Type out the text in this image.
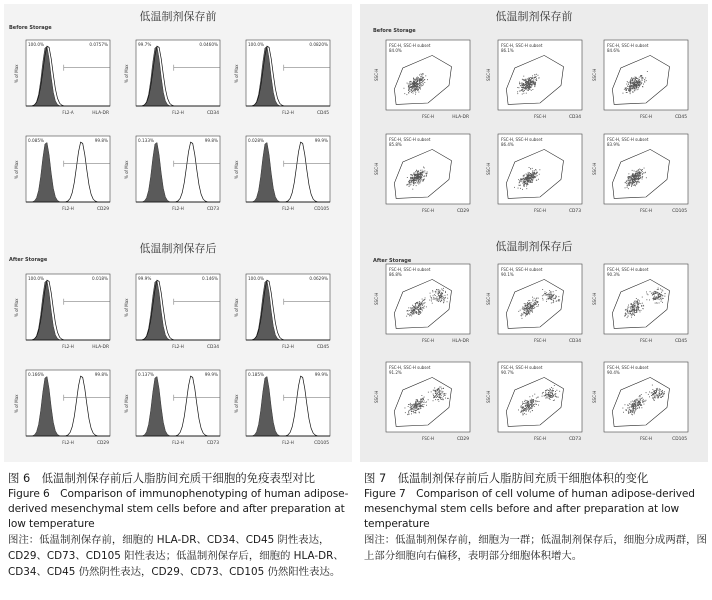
低温制剂保存前
低温制剂保存后
Before Storage
After Storage
100.0%	0.0757%
FL2-A	HLA-DR
% of Max
99.7%	0.0460%
FL2-H	CD34
% of Max
100.0%	0.0820%
FL2-H	CD45
% of Max
0.085%	99.8%
FL2-H	CD29
% of Max
0.133%	99.8%
FL2-H	CD73
% of Max
0.028%	99.9%
FL2-H	CD105
% of Max
100.0%	0.018%
FL2-H	HLA-DR
% of Max
99.9%	0.146%
FL2-H	CD34
% of Max
100.0%	0.0629%
FL2-H	CD45
% of Max
0.166%	99.8%
FL2-H	CD29
% of Max
0.137%	99.9%
FL2-H	CD73
% of Max
0.185%	99.9%
FL2-H	CD105
% of Max
低温制剂保存前
低温制剂保存后
Before Storage
After Storage
FSC-H, SSC-H subset
84.0%
FSC-H	HLA-DR
SSC-H
FSC-H, SSC-H subset
86.1%
FSC-H	CD34
SSC-H
FSC-H, SSC-H subset
84.6%
FSC-H	CD45
SSC-H
FSC-H, SSC-H subset
85.8%
FSC-H	CD29
SSC-H
FSC-H, SSC-H subset
86.4%
FSC-H	CD73
SSC-H
FSC-H, SSC-H subset
83.9%
FSC-H	CD105
SSC-H
FSC-H, SSC-H subset
86.8%
FSC-H	HLA-DR
SSC-H
FSC-H, SSC-H subset
90.1%
FSC-H	CD34
SSC-H
FSC-H, SSC-H subset
90.3%
FSC-H	CD45
SSC-H
FSC-H, SSC-H subset
91.2%
FSC-H	CD29
SSC-H
FSC-H, SSC-H subset
90.7%
FSC-H	CD73
SSC-H
FSC-H, SSC-H subset
90.4%
FSC-H	CD105
SSC-H
图 6　低温制剂保存前后人脂肪间充质干细胞的免疫表型对比
Figure 6　Comparison of immunophenotyping of human adipose-derived mesenchymal stem cells before and after preparation at low temperature
图注：低温制剂保存前，细胞的 HLA-DR、CD34、CD45 阴性表达，CD29、CD73、CD105 阳性表达；低温制剂保存后，细胞的 HLA-DR、CD34、CD45 仍然阴性表达，CD29、CD73、CD105 仍然阳性表达。
图 7　低温制剂保存前后人脂肪间充质干细胞体积的变化
Figure 7　Comparison of cell volume of human adipose-derived mesenchymal stem cells before and after preparation at low temperature
图注：低温制剂保存前，细胞为一群；低温制剂保存后，细胞分成两群，图上部分细胞向右偏移，表明部分细胞体积增大。
